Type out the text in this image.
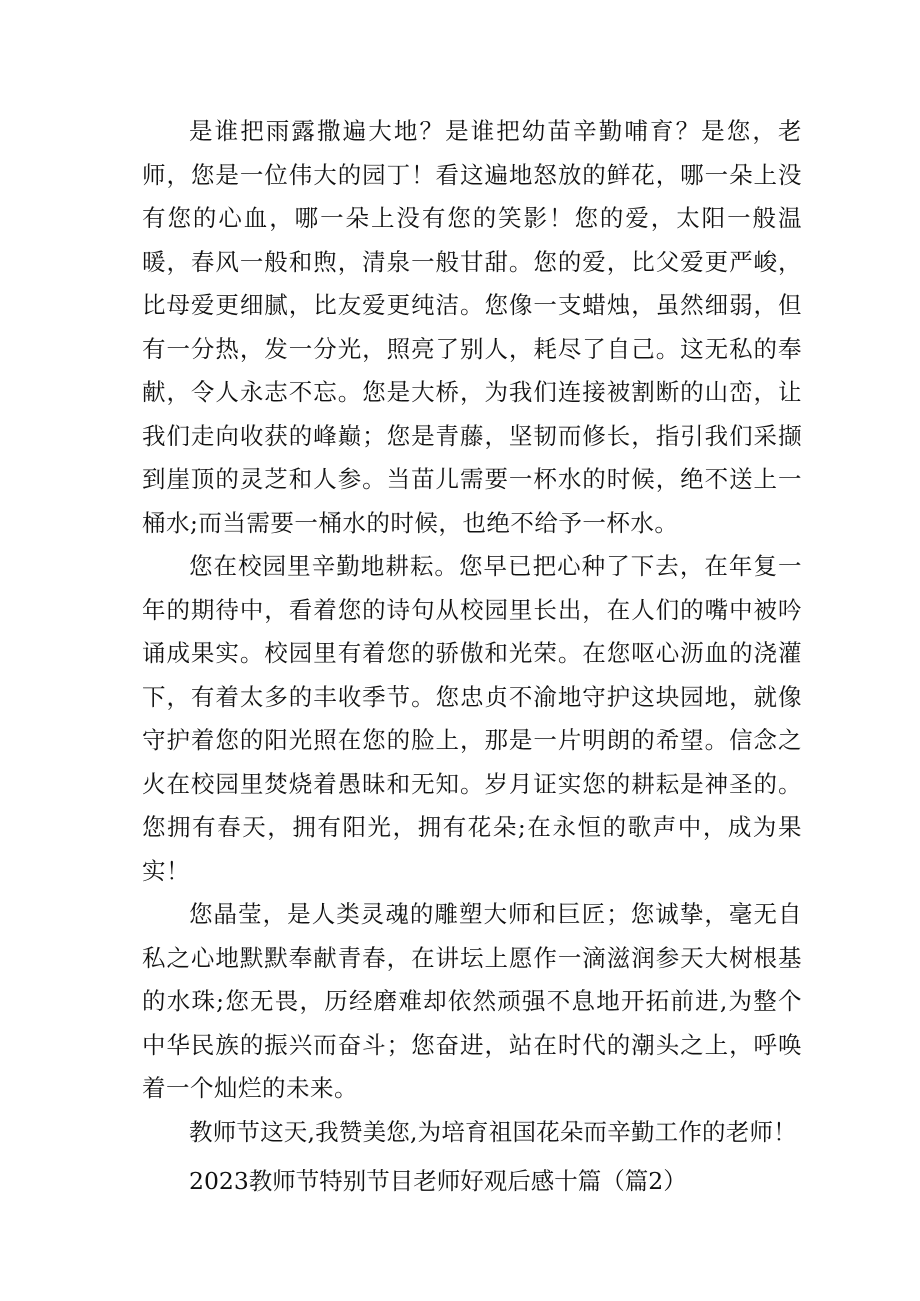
是谁把雨露撒遍大地？是谁把幼苗辛勤哺育？是您，老师，您是一位伟大的园丁！看这遍地怒放的鲜花，哪一朵上没有您的心血，哪一朵上没有您的笑影！您的爱，太阳一般温暖，春风一般和煦，清泉一般甘甜。您的爱，比父爱更严峻，比母爱更细腻，比友爱更纯洁。您像一支蜡烛，虽然细弱，但有一分热，发一分光，照亮了别人，耗尽了自己。这无私的奉献，令人永志不忘。您是大桥，为我们连接被割断的山峦，让我们走向收获的峰巅；您是青藤，坚韧而修长，指引我们采撷到崖顶的灵芝和人参。当苗儿需要一杯水的时候，绝不送上一桶水;而当需要一桶水的时候，也绝不给予一杯水。

您在校园里辛勤地耕耘。您早已把心种了下去，在年复一年的期待中，看着您的诗句从校园里长出，在人们的嘴中被吟诵成果实。校园里有着您的骄傲和光荣。在您呕心沥血的浇灌下，有着太多的丰收季节。您忠贞不渝地守护这块园地，就像守护着您的阳光照在您的脸上，那是一片明朗的希望。信念之火在校园里焚烧着愚昧和无知。岁月证实您的耕耘是神圣的。您拥有春天，拥有阳光，拥有花朵;在永恒的歌声中，成为果实！

您晶莹，是人类灵魂的雕塑大师和巨匠；您诚挚，毫无自私之心地默默奉献青春，在讲坛上愿作一滴滋润参天大树根基的水珠;您无畏，历经磨难却依然顽强不息地开拓前进,为整个中华民族的振兴而奋斗；您奋进，站在时代的潮头之上，呼唤着一个灿烂的未来。

教师节这天,我赞美您,为培育祖国花朵而辛勤工作的老师！

2023教师节特别节目老师好观后感十篇（篇2）
